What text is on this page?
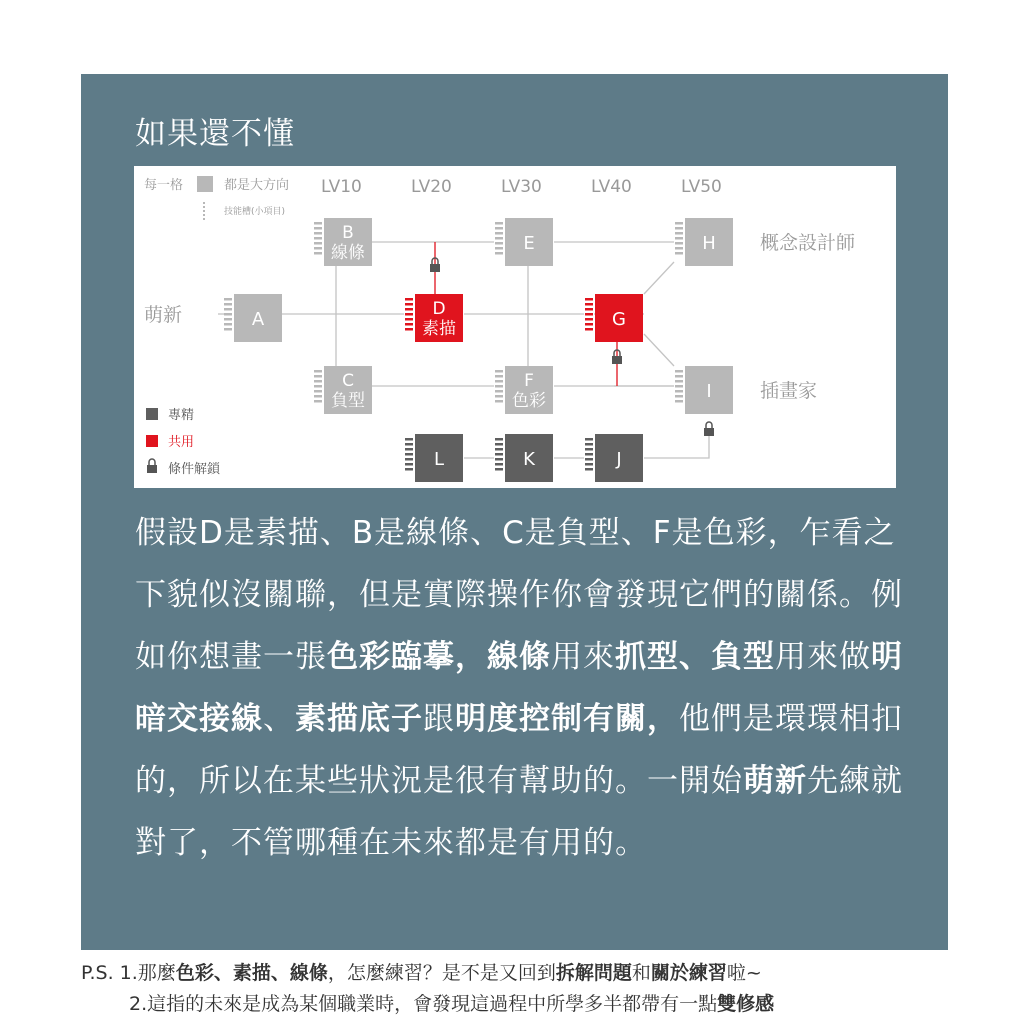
如果還不懂
A
B
線條
C
負型
D
素描
E
F
色彩
G
H
I
L	K	J
每一格	都是大方向
技能槽(小項目)
LV10	LV20	LV30	LV40	LV50
萌新
概念設計師
插畫家
專精
共用
條件解鎖
假設D是素描、B是線條、C是負型、F是色彩，乍看之下貌似沒關聯，但是實際操作你會發現它們的關係。例如你想畫一張色彩臨摹，線條用來抓型、負型用來做明暗交接線、素描底子跟明度控制有關，他們是環環相扣的，所以在某些狀況是很有幫助的。一開始萌新先練就對了，不管哪種在未來都是有用的。
P.S. 1.那麼色彩、素描、線條，怎麼練習？是不是又回到拆解問題和關於練習啦~
2.這指的未來是成為某個職業時，會發現這過程中所學多半都帶有一點雙修感
